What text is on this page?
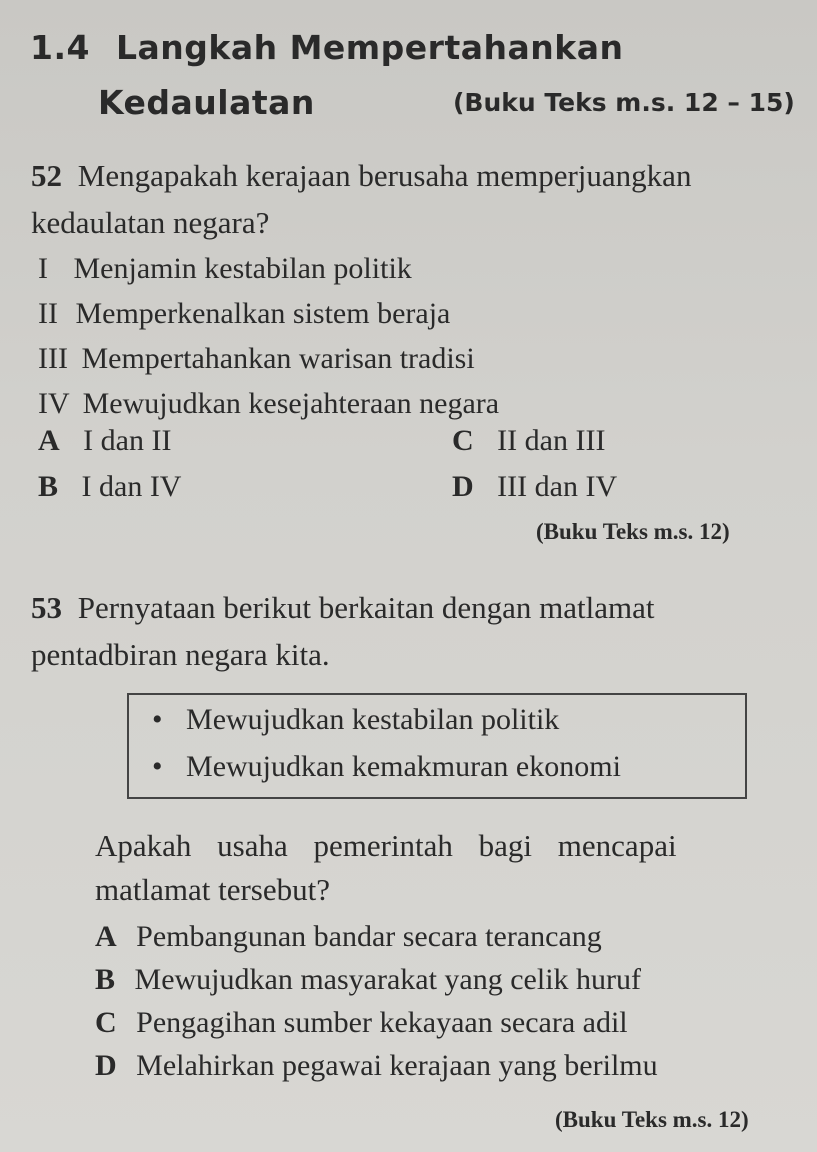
1.4 Langkah Mempertahankan
Kedaulatan	(Buku Teks m.s. 12 – 15)
52 Mengapakah kerajaan berusaha memperjuangkan
kedaulatan negara?
I Menjamin kestabilan politik
II Memperkenalkan sistem beraja
III Mempertahankan warisan tradisi
IV Mewujudkan kesejahteraan negara
A I dan II	C II dan III
B I dan IV	D III dan IV
(Buku Teks m.s. 12)
53 Pernyataan berikut berkaitan dengan matlamat
pentadbiran negara kita.
• Mewujudkan kestabilan politik
• Mewujudkan kemakmuran ekonomi
Apakah usaha pemerintah bagi mencapai
matlamat tersebut?
A Pembangunan bandar secara terancang
B Mewujudkan masyarakat yang celik huruf
C Pengagihan sumber kekayaan secara adil
D Melahirkan pegawai kerajaan yang berilmu
(Buku Teks m.s. 12)
